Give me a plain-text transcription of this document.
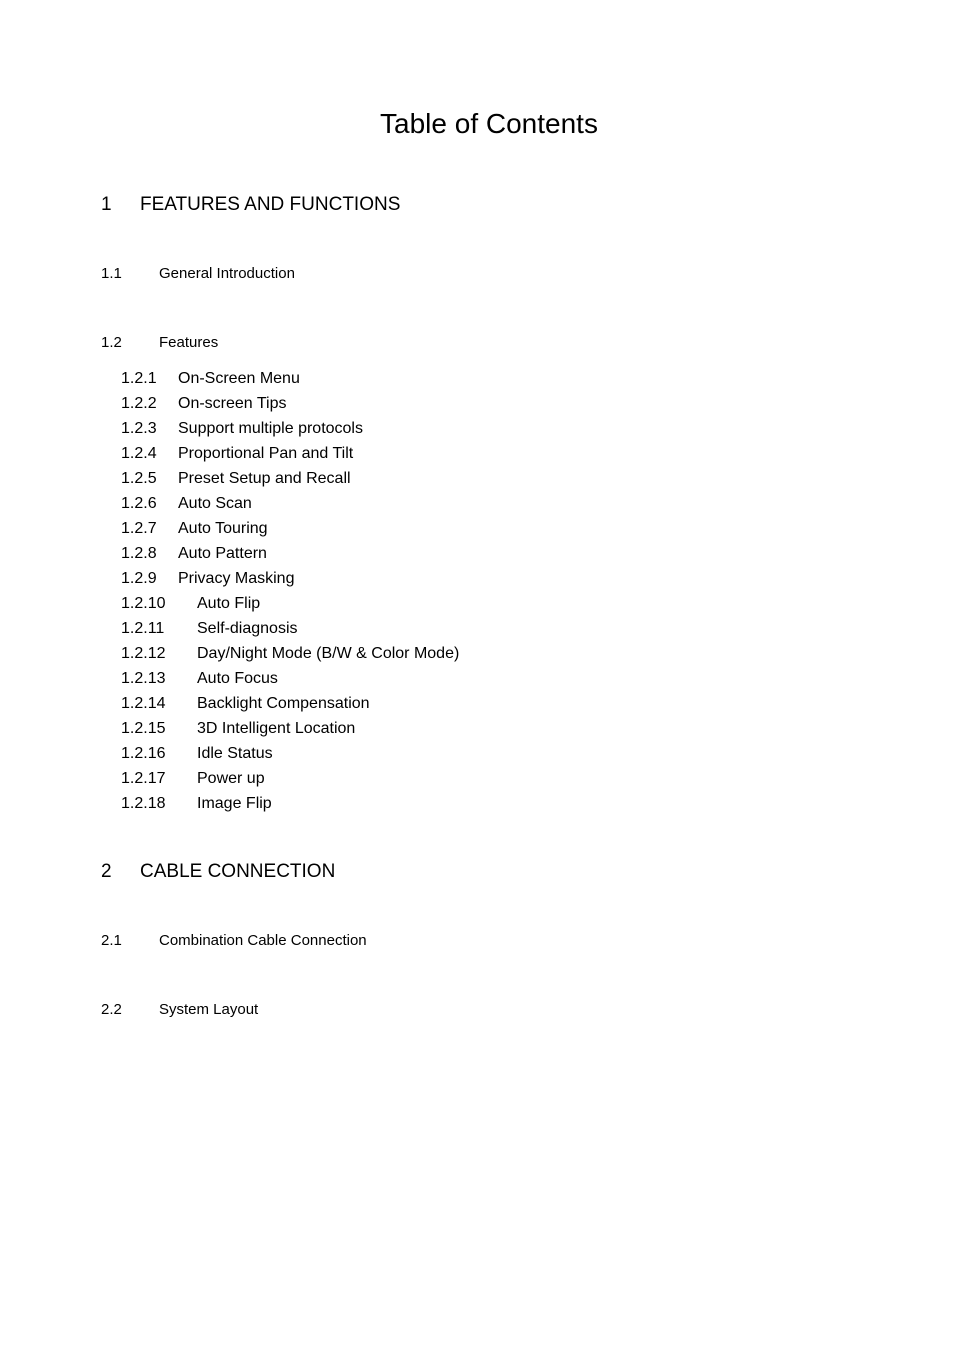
Table of Contents
1 FEATURES AND FUNCTIONS
1.1 General Introduction
1.2 Features
1.2.1 On-Screen Menu
1.2.2 On-screen Tips
1.2.3 Support multiple protocols
1.2.4 Proportional Pan and Tilt
1.2.5 Preset Setup and Recall
1.2.6 Auto Scan
1.2.7 Auto Touring
1.2.8 Auto Pattern
1.2.9 Privacy Masking
1.2.10 Auto Flip
1.2.11 Self-diagnosis
1.2.12 Day/Night Mode (B/W & Color Mode)
1.2.13 Auto Focus
1.2.14 Backlight Compensation
1.2.15 3D Intelligent Location
1.2.16 Idle Status
1.2.17 Power up
1.2.18 Image Flip
2 CABLE CONNECTION
2.1 Combination Cable Connection
2.2 System Layout
